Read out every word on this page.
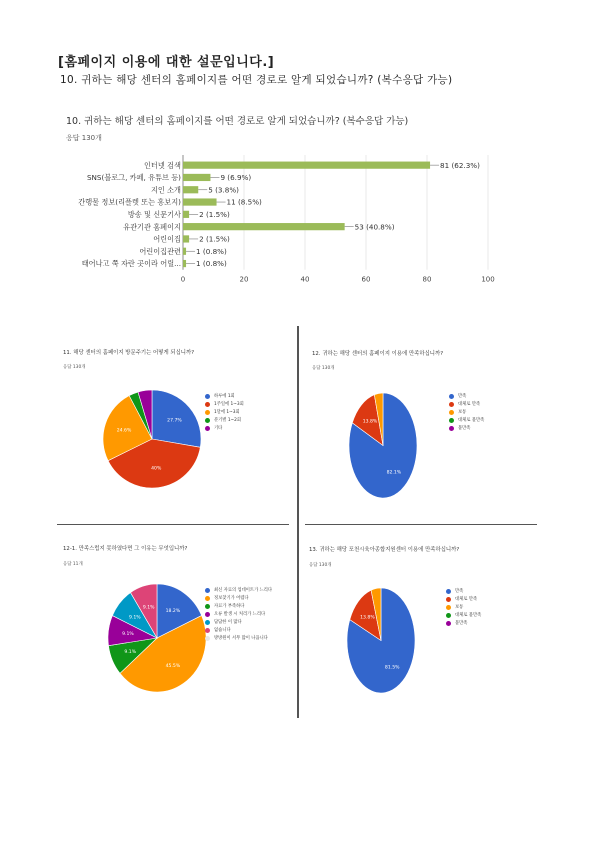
[홈페이지 이용에 대한 설문입니다.]
10. 귀하는 해당 센터의 홈페이지를 어떤 경로로 알게 되었습니까? (복수응답 가능)
10. 귀하는 해당 센터의 홈페이지를 어떤 경로로 알게 되었습니까? (복수응답 가능)
응답 130개
0	20	40	60	80	100
인터넷 검색	81 (62.3%)
SNS(블로그, 카페, 유튜브 등)	9 (6.9%)
지인 소개	5 (3.8%)
간행물 정보(리플렛 또는 홍보지)	11 (8.5%)
방송 및 신문기사	2 (1.5%)
유관기관 홈페이지	53 (40.8%)
어린이집	2 (1.5%)
어린이집관련 1 (0.8%)
태어나고 쭉 자란 곳이라 어릴... 1 (0.8%)
11. 해당 센터의 홈페이지 방문주기는 어떻게 되십니까?
응답 130개
27.7%
40%
24.6%
하루에 1회
1주일에 1~3회
1달에 1~3회
분기별 1~2회
기타
12. 귀하는 해당 센터의 홈페이지 이용에 만족하십니까?
응답 130개
82.1%
13.8%
만족
대체로 만족
보통
대체로 불만족
불만족
12-1. 만족스럽지 못하였다면 그 이유는 무엇입니까?
응답 11개
18.2%
45.5%
9.1%
9.1%
9.1%
9.1%
최신 자료의 업데이트가 느리다
정보찾기가 어렵다
자료가 부족하다
오류 발생 시 처리가 느리다
답답한 이 많다
없습니다
방방원이 서무 많이 나옵니다
13. 귀하는 해당 포천시육아종합지원센터 이용에 만족하십니까?
응답 130개
81.5%
13.8%
만족
대체로 만족
보통
대체로 불만족
불만족
